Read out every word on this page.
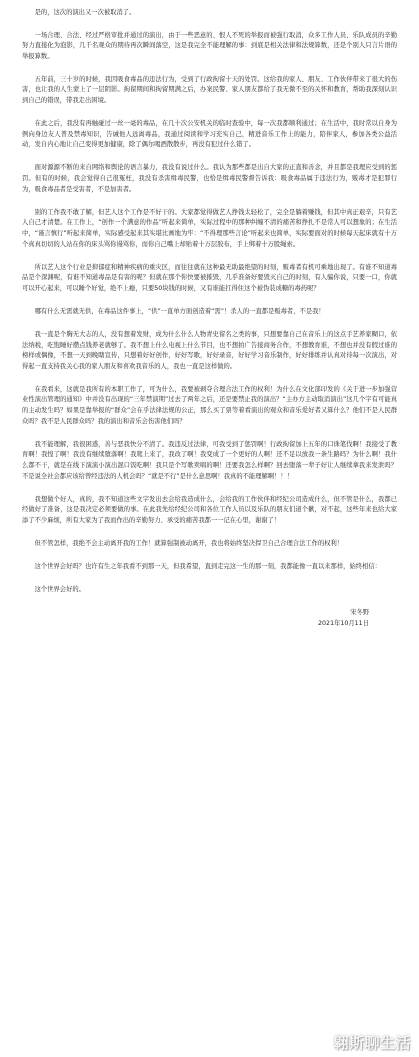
是的，这次的演出又一次被取消了。

一场合理、合法、经过严格审批并通过的演出，由于一些恶意的、恨人不死的举报而被强行取消，众多工作人员、乐队成员的辛勤努力直接化为泡影，几千名观众的期待再次瞬间落空，这是我完全不能理解的事：到底是相关法律和法规算数，还是个别人只言片语的举报算数。

五年前，三十岁的时候，我因吸食毒品的违法行为，受到了行政拘留十天的处罚。这给我的家人、朋友、工作伙伴带来了很大的伤害，也让我的人生蒙上了一层阴影。拘留期间和拘留期满之后，办案民警、家人朋友都给了我无微不至的关怀和教育，帮助我深刻认识到自己的错误，带我走出困境。

在此之后，我没有再触碰过一丝一毫的毒品，在几十次公安机关的临时查验中，每一次我都顺利通过；在生活中，我时常以自身为例向身边友人普及禁毒知识，告诫他人远离毒品，我通过阅读和学习充实自己，精进音乐工作上的能力，陪伴家人，参加各类公益活动，发自内心地让自己变得更加健康，除了偶尔喝酒散散步，再没有犯过什么错了。

面对源源不断的来自网络和舆论的语言暴力，我没有说过什么。我认为那些都是出自大家的正直和善念，并且都是我理应受到的惩罚。但有的时候，我会觉得自己很冤枉，我没有杀害缉毒民警，也恰是缉毒民警督告诉我：吸食毒品属于违法行为，贩毒才是犯罪行为，吸食毒品者是受害者，不是加害者。

别的工作我不敢了解，但艺人这个工作是不好干的。大家都觉得做艺人挣钱太轻松了，完全是躺着赚钱，但其中真正艰辛，只有艺人自己才清楚。在工作上，“创作一个满意的作品”听起来简单，实际过程中的那种纠缠不清的痛苦和挣扎不是常人可以想象的；在生活中，“谨言慎行”听起来简单，实际感受起来其实堪比画地为牢：“不得理那些言论”听起来也简单，实际要面对的时候每天起床就有十万个真真切切的人站在你的床头骂你谩骂你，而你自己嘴上却贴着十万层胶布，手上绑着十万股绳索。

所以艺人这个行业是抑郁症和精神疾病的重灾区，而往往就在这种最无助最绝望的时刻，贩毒者有机可乘地出现了。有谁不知道毒品是个深渊呢，有谁不知道毒品是有害的呢？但就在那个你快要被摧毁，几乎准备好要毁灭自己的时刻，有人骗你说，只要一口，你就可以开心起来，可以睡个好觉，绝不上瘾，只要50块钱的时候，又有谁能扛得住这个被伪装成糖的毒药呢？

哪有什么无需就无供，在毒品这件事上，“供”一直单方面创造着“需”！杀人的一直都是贩毒者，不是我！

我一直是个胸无大志的人，没有想着发财，成为什么什么人物青史留名之类的事，只想要靠自己在音乐上的这点手艺养家糊口，依法纳税，吃饱睡好攒点钱养老就够了。我不想上什么电视上什么节目，也不想拍广告接商务合作，不想教育谁，不想也并没有假过谁的榜样或偶像，不想一天到晚瞎宣传，只想着好好创作，好好写歌，好好录音，好好学习音乐制作，好好排练并认真对待每一次演出，对得起一直支持我关心我的家人朋友和喜欢我音乐的人，我也一直是这样做的。

在我看来，这就是我所有的本职工作了，可为什么，我要被剥夺合理合法工作的权利！为什么在文化部印发的《关于进一步加强营业性演出管理的通知》中并没有出现的“三年禁演期”过去了两年之后，还是要禁止我的演出？“主办方主动取消演出”这几个字有可能真的主动发生吗？如果是靠举报的“群众”会在乎法律法规的公正，那么买了票等着看演出的观众和音乐爱好者又算什么？他们不是人民群众吗？我不是人民群众吗？我的演出和音乐会伤害他们吗？

我不能理解，我很困惑，善与恶我快分不清了。我违反过法律，可我受到了惩罚啊！行政拘留加上五年的口诛笔伐啊！我接受了教育啊！我惶了啊！我没有继续堕落啊！我爬上来了，我改了啊！我变成了一个更好的人啊！还不足以放我一条生路吗？为什么啊！我什么都不干，就是在线下演演小演出混口饭吃啊！我只是个写歌卖唱的啊！还要我怎么样啊？回去堕落一辈子好让人继续拿我来发泄吗？不是说全社会都应该给曾经违法的人机会吗？“就是不行”是什么意思啊！我真的不能理解啊！！！

我想做个好人，真的，我不知道这些文字发出去会给我造成什么，会给我的工作伙伴和经纪公司造成什么，但不管是什么，我都已经做好了准备，这是我决定必须要做的事。在此我先给经纪公司和各位工作人员以及乐队的朋友们道个歉，对不起，这些年来也给大家添了不少麻烦，所有大家为了我而作出的辛勤努力、承受的痛苦我都一一记在心里，谢谢了！

但不管怎样，我绝不会主动离开我的工作！就算强制被动离开，我也将始终坚决捍卫自己合理合法工作的权利！

这个世界会好吗？也许有生之年我看不到那一天，但我希望，直到走完这一生的那一刻，我都能像一直以来那样，始终相信：

这个世界会好的。

宋冬野
2021年10月11日
翱斯聊生活
